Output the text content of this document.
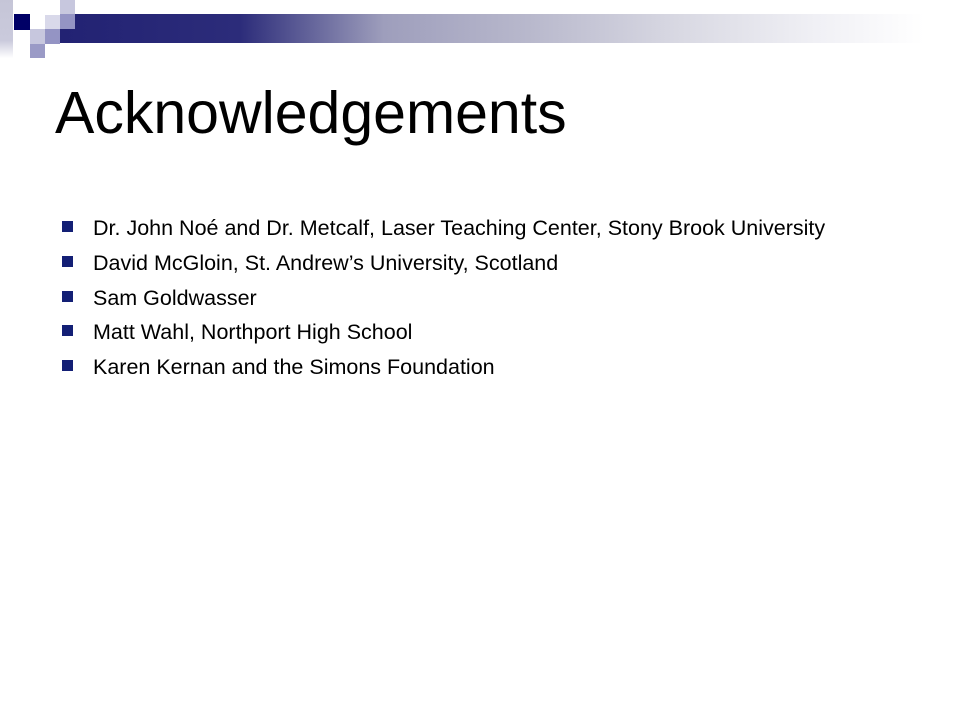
Acknowledgements
Dr. John Noé and Dr. Metcalf, Laser Teaching Center, Stony Brook University
David McGloin, St. Andrew’s University, Scotland
Sam Goldwasser
Matt Wahl, Northport High School
Karen Kernan and the Simons Foundation
